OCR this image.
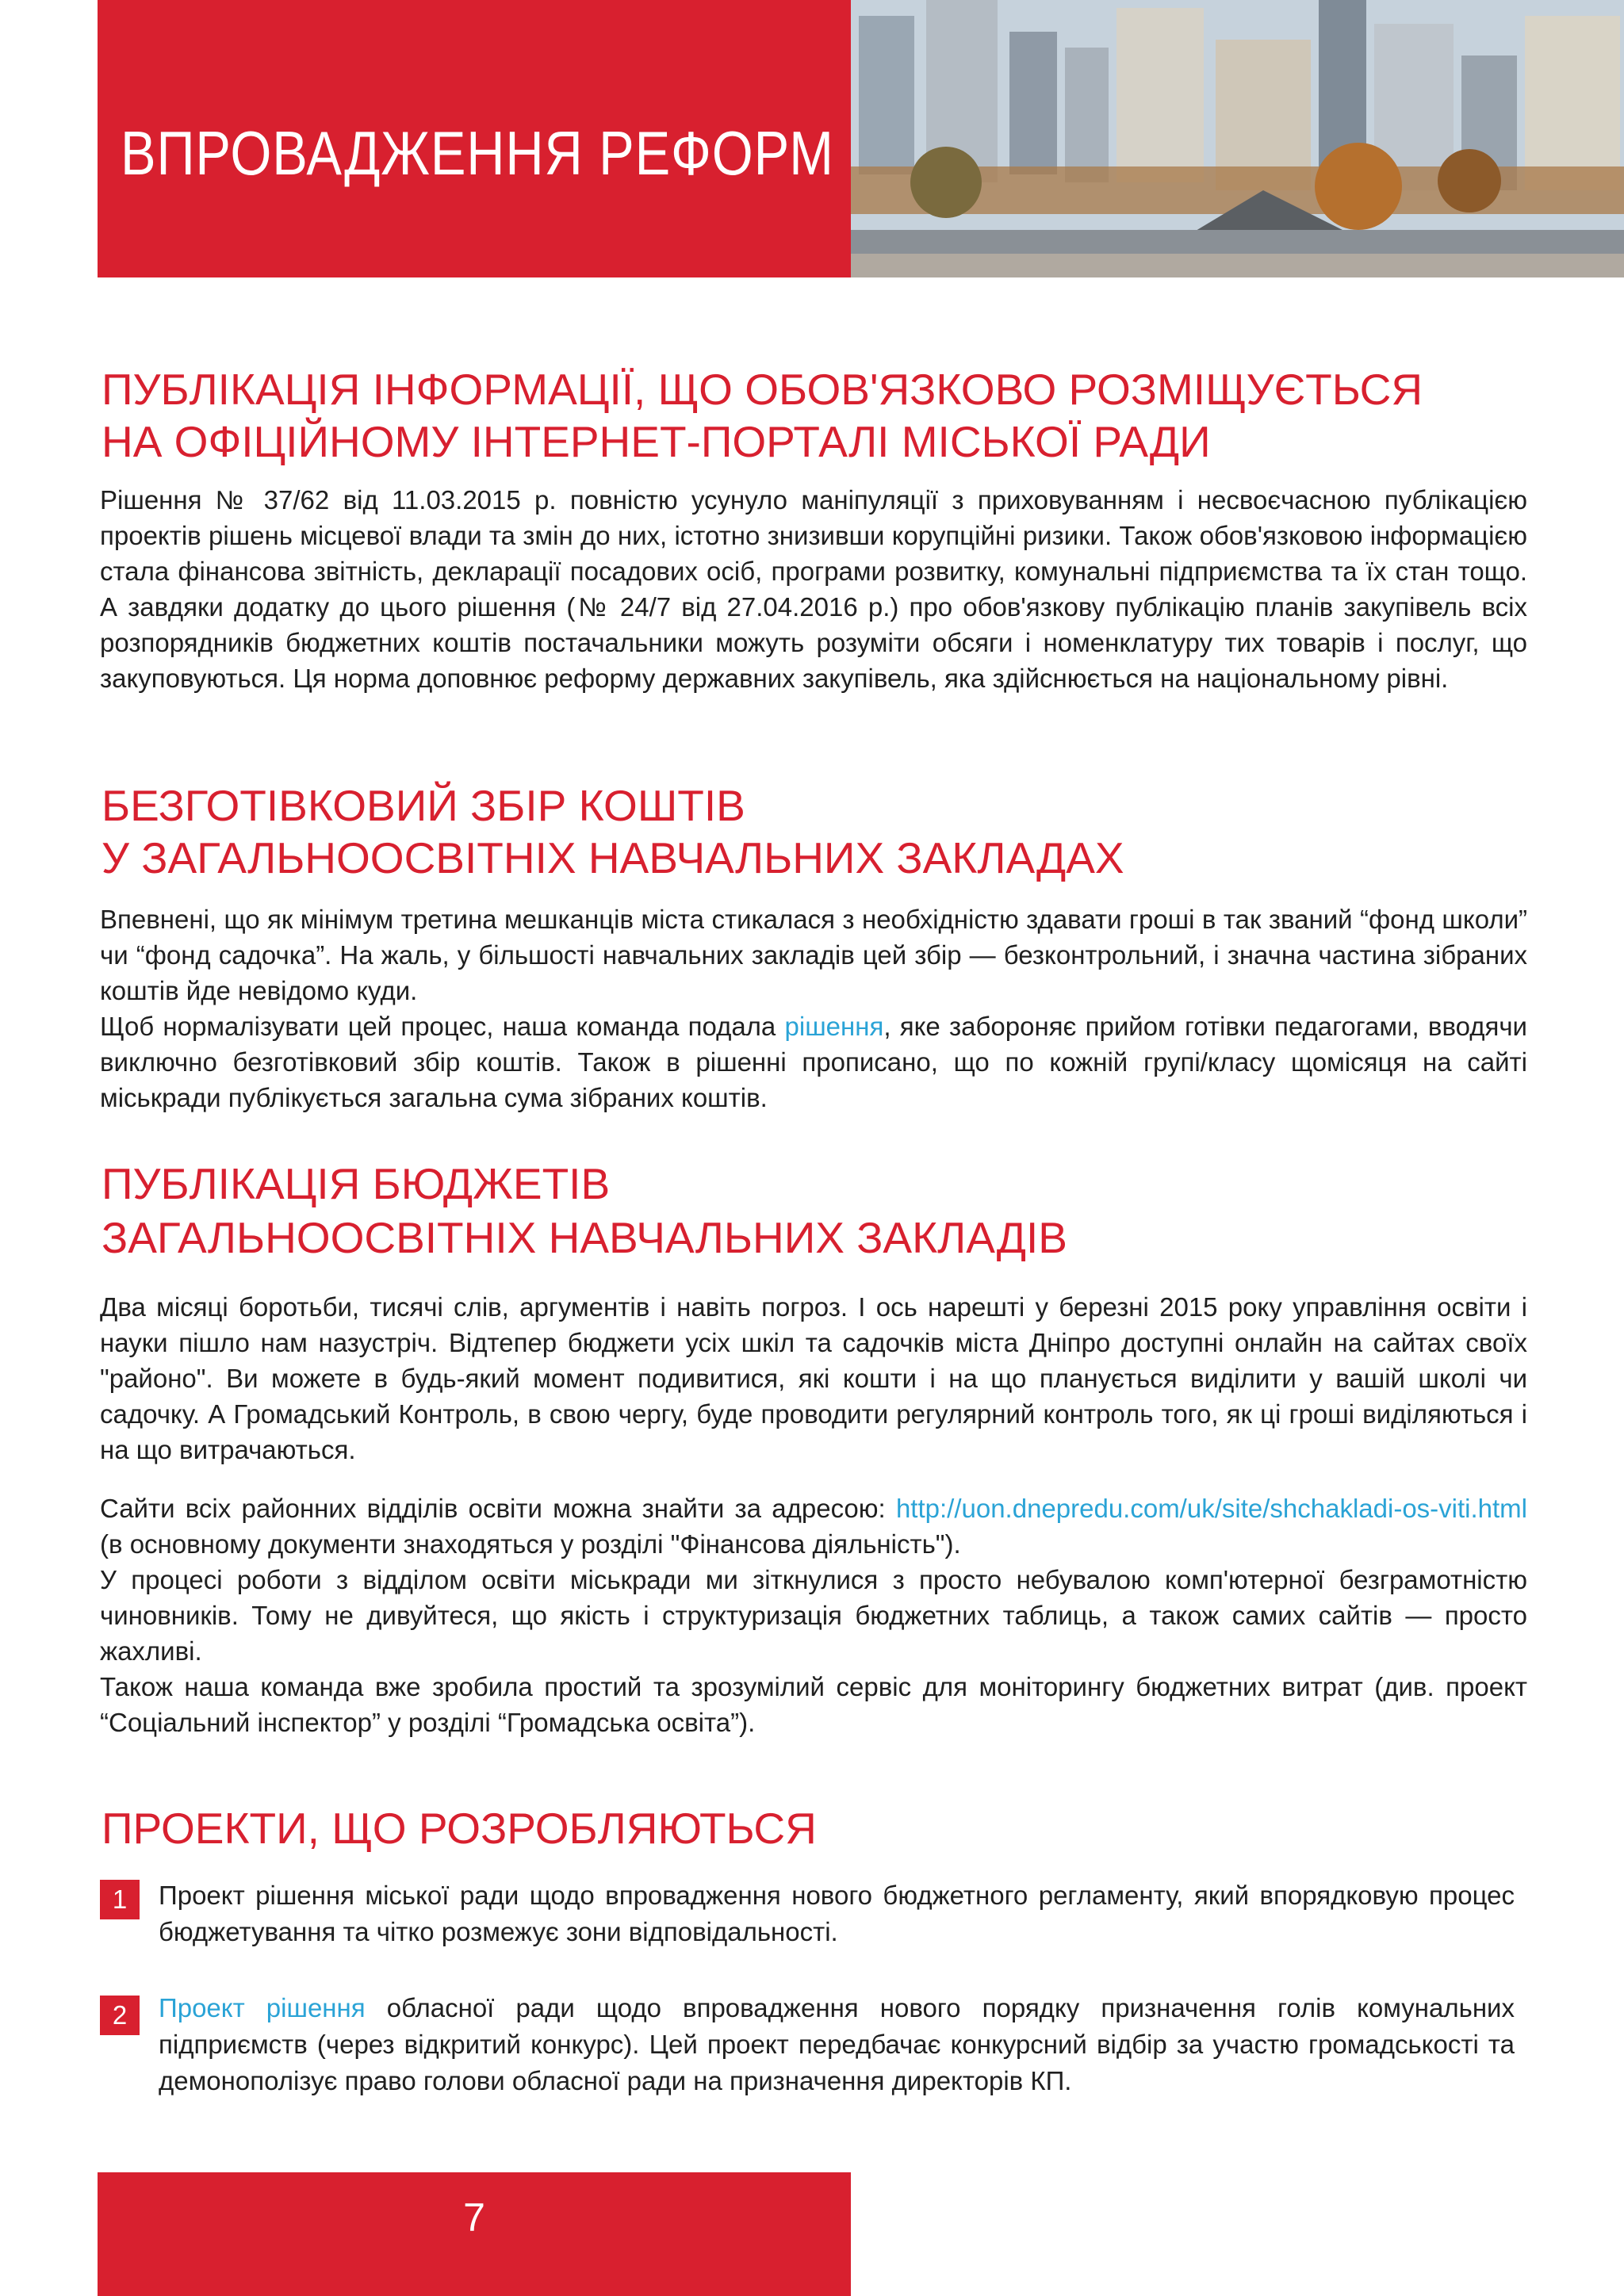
ВПРОВАДЖЕННЯ РЕФОРМ
ПУБЛІКАЦІЯ ІНФОРМАЦІЇ, ЩО ОБОВ'ЯЗКОВО РОЗМІЩУЄТЬСЯ
НА ОФІЦІЙНОМУ ІНТЕРНЕТ-ПОРТАЛІ МІСЬКОЇ РАДИ

Рішення № 37/62 від 11.03.2015 р. повністю усунуло маніпуляції з приховуванням і несвоєчасною публікацією проектів рішень місцевої влади та змін до них, істотно знизивши корупційні ризики. Також обов'язковою інформацією стала фінансова звітність, декларації посадових осіб, програми розвитку, комунальні підприємства та їх стан тощо. А завдяки додатку до цього рішення (№ 24/7 від 27.04.2016 р.) про обов'язкову публікацію планів закупівель всіх розпорядників бюджетних коштів постачальники можуть розуміти обсяги і номенклатуру тих товарів і послуг, що закуповуються. Ця норма доповнює реформу державних закупівель, яка здійснюється на національному рівні.

БЕЗГОТІВКОВИЙ ЗБІР КОШТІВ
У ЗАГАЛЬНООСВІТНІХ НАВЧАЛЬНИХ ЗАКЛАДАХ

Впевнені, що як мінімум третина мешканців міста стикалася з необхідністю здавати гроші в так званий “фонд школи” чи “фонд садочка”. На жаль, у більшості навчальних закладів цей збір — безконтрольний, і значна частина зібраних коштів йде невідомо куди.

Щоб нормалізувати цей процес, наша команда подала рішення, яке забороняє прийом готівки педагогами, вводячи виключно безготівковий збір коштів. Також в рішенні прописано, що по кожній групі/класу щомісяця на сайті міськради публікується загальна сума зібраних коштів.

ПУБЛІКАЦІЯ БЮДЖЕТІВ
ЗАГАЛЬНООСВІТНІХ НАВЧАЛЬНИХ ЗАКЛАДІВ

Два місяці боротьби, тисячі слів, аргументів і навіть погроз. І ось нарешті у березні 2015 року управління освіти і науки пішло нам назустріч. Відтепер бюджети усіх шкіл та садочків міста Дніпро доступні онлайн на сайтах своїх "районо". Ви можете в будь-який момент подивитися, які кошти і на що планується виділити у вашій школі чи садочку. А Громадський Контроль, в свою чергу, буде проводити регулярний контроль того, як ці гроші виділяються і на що витрачаються.

Сайти всіх районних відділів освіти можна знайти за адресою: http://uon.dnepredu.com/uk/site/shchakladi-os-viti.html (в основному документи знаходяться у розділі "Фінансова діяльність").

У процесі роботи з відділом освіти міськради ми зіткнулися з просто небувалою комп'ютерної безграмотністю чиновників. Тому не дивуйтеся, що якість і структуризація бюджетних таблиць, а також самих сайтів — просто жахливі.

Також наша команда вже зробила простий та зрозумілий сервіс для моніторингу бюджетних витрат (див. проект “Соціальний інспектор” у розділі “Громадська освіта”).

ПРОЕКТИ, ЩО РОЗРОБЛЯЮТЬСЯ
1	Проект рішення міської ради щодо впровадження нового бюджетного регламенту, який впорядковую процес бюджетування та чітко розмежує зони відповідальності.

2	Проект рішення обласної ради щодо впровадження нового порядку призначення голів комунальних підприємств (через відкритий конкурс). Цей проект передбачає конкурсний відбір за участю громадськості та демонополізує право голови обласної ради на призначення директорів КП.

7
